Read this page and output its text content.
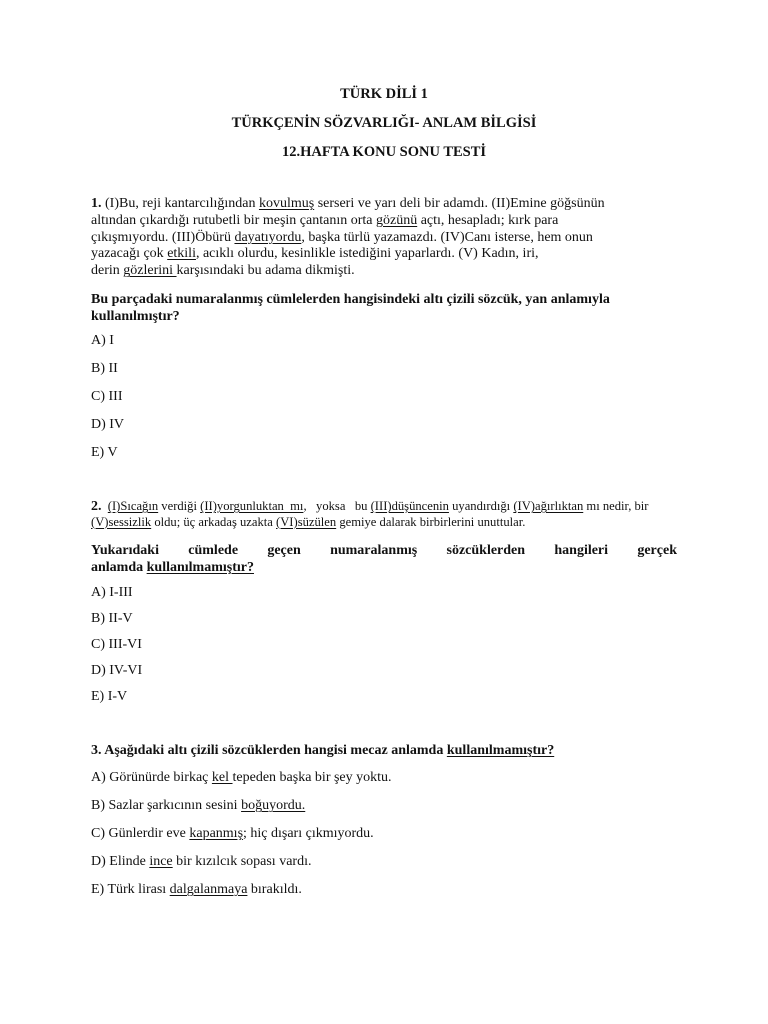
TÜRK DİLİ 1
TÜRKÇENİN SÖZVARLIĞI- ANLAM BİLGİSİ
12.HAFTA KONU SONU TESTİ

1. (I)Bu, reji kantarcılığından kovulmuş serseri ve yarı deli bir adamdı. (II)Emine göğsünün

altından çıkardığı rutubetli bir meşin çantanın orta gözünü açtı, hesapladı; kırk para

çıkışmıyordu. (III)Öbürü dayatıyordu, başka türlü yazamazdı. (IV)Canı isterse, hem onun

yazacağı çok etkili, acıklı olurdu, kesinlikle istediğini yaparlardı. (V) Kadın, iri,

derin gözlerini karşısındaki bu adama dikmişti.

Bu parçadaki numaralanmış cümlelerden hangisindeki altı çizili sözcük, yan anlamıyla kullanılmıştır?

A) I
B) II
C) III
D) IV
E) V

2. (I)Sıcağın verdiği (II)yorgunluktan  mı,   yoksa   bu (III)düşüncenin uyandırdığı (IV)ağırlıktan mı nedir, bir (V)sessizlik oldu; üç arkadaş uzakta (VI)süzülen gemiye dalarak birbirlerini unuttular.

Yukarıdaki cümlede geçen numaralanmış sözcüklerden hangileri gerçek

anlamda kullanılmamıştır?

A) I-III
B) II-V
C) III-VI
D) IV-VI
E) I-V

3. Aşağıdaki altı çizili sözcüklerden hangisi mecaz anlamda kullanılmamıştır?

A) Görünürde birkaç kel tepeden başka bir şey yoktu.
B) Sazlar şarkıcının sesini boğuyordu.
C) Günlerdir eve kapanmış; hiç dışarı çıkmıyordu.
D) Elinde ince bir kızılcık sopası vardı.
E) Türk lirası dalgalanmaya bırakıldı.
